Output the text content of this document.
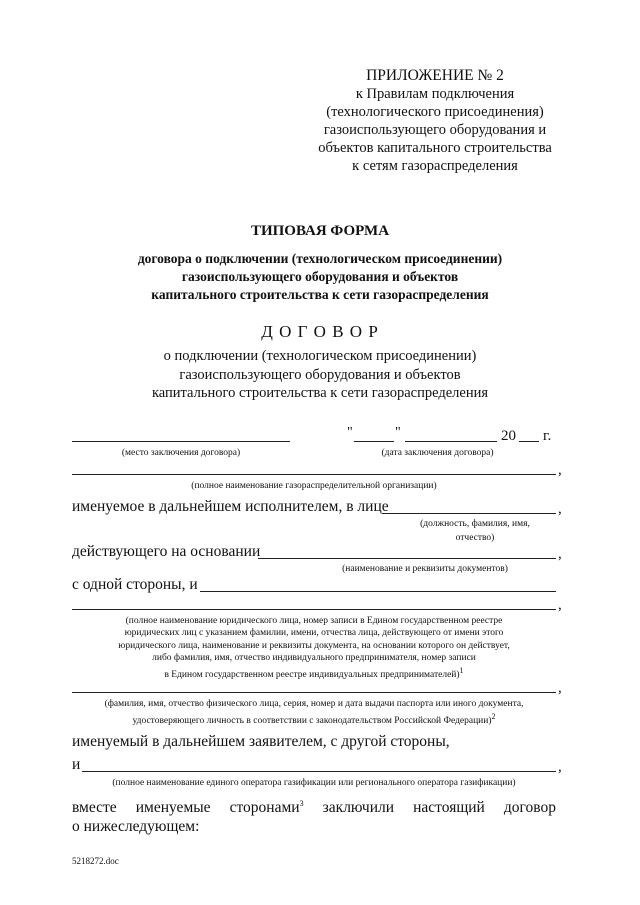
ПРИЛОЖЕНИЕ № 2
к Правилам подключения
(технологического присоединения)
газоиспользующего оборудования и
объектов капитального строительства
к сетям газораспределения
ТИПОВАЯ ФОРМА
договора о подключении (технологическом присоединении)
газоиспользующего оборудования и объектов
капитального строительства к сети газораспределения
Д О Г О В О Р
о подключении (технологическом присоединении)
газоиспользующего оборудования и объектов
капитального строительства к сети газораспределения
(место заключения договора)
"	"	20 г.
(дата заключения договора)
,
(полное наименование газораспределительной организации)
именуемое в дальнейшем исполнителем, в лице	,
(должность, фамилия, имя,
отчество)
действующего на основании	,
(наименование и реквизиты документов)
с одной стороны, и
,
(полное наименование юридического лица, номер записи в Едином государственном реестре
юридических лиц с указанием фамилии, имени, отчества лица, действующего от имени этого
юридического лица, наименование и реквизиты документа, на основании которого он действует,
либо фамилия, имя, отчество индивидуального предпринимателя, номер записи
в Едином государственном реестре индивидуальных предпринимателей)$^1$
,
(фамилия, имя, отчество физического лица, серия, номер и дата выдачи паспорта или иного документа,
удостоверяющего личность в соответствии с законодательством Российской Федерации)$^2$
именуемый в дальнейшем заявителем, с другой стороны,
и	,
(полное наименование единого оператора газификации или регионального оператора газификации)
вместе именуемые сторонами$^3$ заключили настоящий договор
о нижеследующем:
5218272.doc
